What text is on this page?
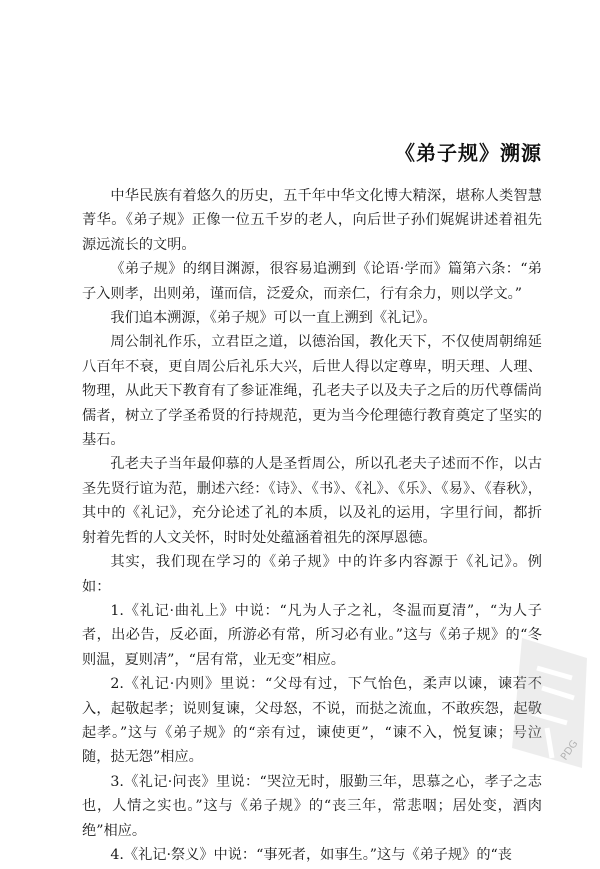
《弟子规》溯源

中华民族有着悠久的历史，五千年中华文化博大精深，堪称人类智慧菁华。《弟子规》正像一位五千岁的老人，向后世子孙们娓娓讲述着祖先源远流长的文明。

《弟子规》的纲目渊源，很容易追溯到《论语·学而》篇第六条：“弟子入则孝，出则弟，谨而信，泛爱众，而亲仁，行有余力，则以学文。”

我们追本溯源，《弟子规》可以一直上溯到《礼记》。

周公制礼作乐，立君臣之道，以德治国，教化天下，不仅使周朝绵延八百年不衰，更自周公后礼乐大兴，后世人得以定尊卑，明天理、人理、物理，从此天下教育有了参证准绳，孔老夫子以及夫子之后的历代尊儒尚儒者，树立了学圣希贤的行持规范，更为当今伦理德行教育奠定了坚实的基石。

孔老夫子当年最仰慕的人是圣哲周公，所以孔老夫子述而不作，以古圣先贤行谊为范，删述六经：《诗》、《书》、《礼》、《乐》、《易》、《春秋》，其中的《礼记》，充分论述了礼的本质，以及礼的运用，字里行间，都折射着先哲的人文关怀，时时处处蕴涵着祖先的深厚恩德。

其实，我们现在学习的《弟子规》中的许多内容源于《礼记》。例如：

1.《礼记·曲礼上》中说：“凡为人子之礼，冬温而夏清”，“为人子者，出必告，反必面，所游必有常，所习必有业。”这与《弟子规》的“冬则温，夏则凊”，“居有常，业无变”相应。

2.《礼记·内则》里说：“父母有过，下气怡色，柔声以谏，谏若不入，起敬起孝；说则复谏，父母怒，不说，而挞之流血，不敢疾怨，起敬起孝。”这与《弟子规》的“亲有过，谏使更”，“谏不入，悦复谏；号泣随，挞无怨”相应。

3.《礼记·问丧》里说：“哭泣无时，服勤三年，思慕之心，孝子之志也，人情之实也。”这与《弟子规》的“丧三年，常悲咽；居处变，酒肉绝”相应。

4.《礼记·祭义》中说：“事死者，如事生。”这与《弟子规》的“丧

PDG
